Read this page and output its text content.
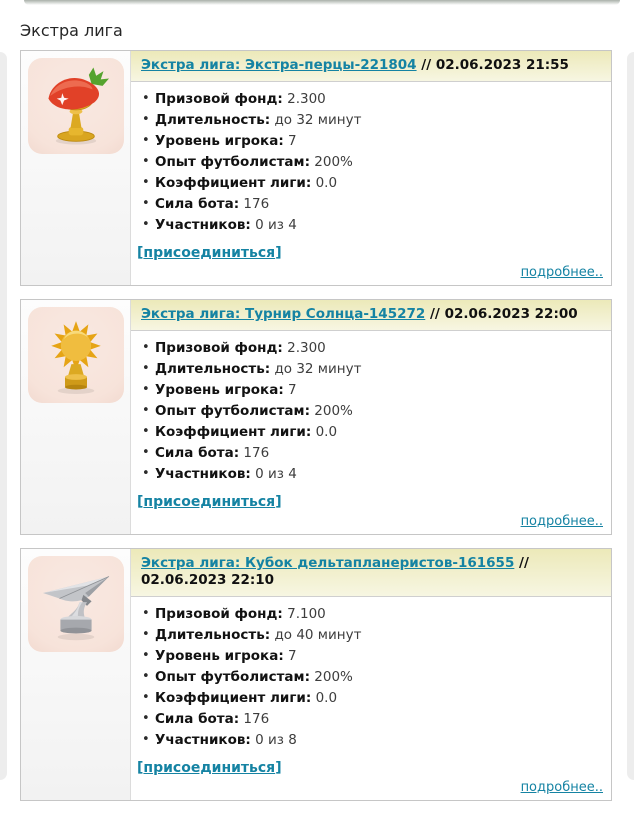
Экстра лига
Экстра лига: Экстра-перцы-221804 // 02.06.2023 21:55
• Призовой фонд: 2.300
• Длительность: до 32 минут
• Уровень игрока: 7
• Опыт футболистам: 200%
• Коэффициент лиги: 0.0
• Сила бота: 176
• Участников: 0 из 4
[присоединиться]
подробнее..
Экстра лига: Турнир Солнца-145272 // 02.06.2023 22:00
• Призовой фонд: 2.300
• Длительность: до 32 минут
• Уровень игрока: 7
• Опыт футболистам: 200%
• Коэффициент лиги: 0.0
• Сила бота: 176
• Участников: 0 из 4
[присоединиться]
подробнее..
Экстра лига: Кубок дельтапланеристов-161655 // 02.06.2023 22:10
• Призовой фонд: 7.100
• Длительность: до 40 минут
• Уровень игрока: 7
• Опыт футболистам: 200%
• Коэффициент лиги: 0.0
• Сила бота: 176
• Участников: 0 из 8
[присоединиться]
подробнее..
